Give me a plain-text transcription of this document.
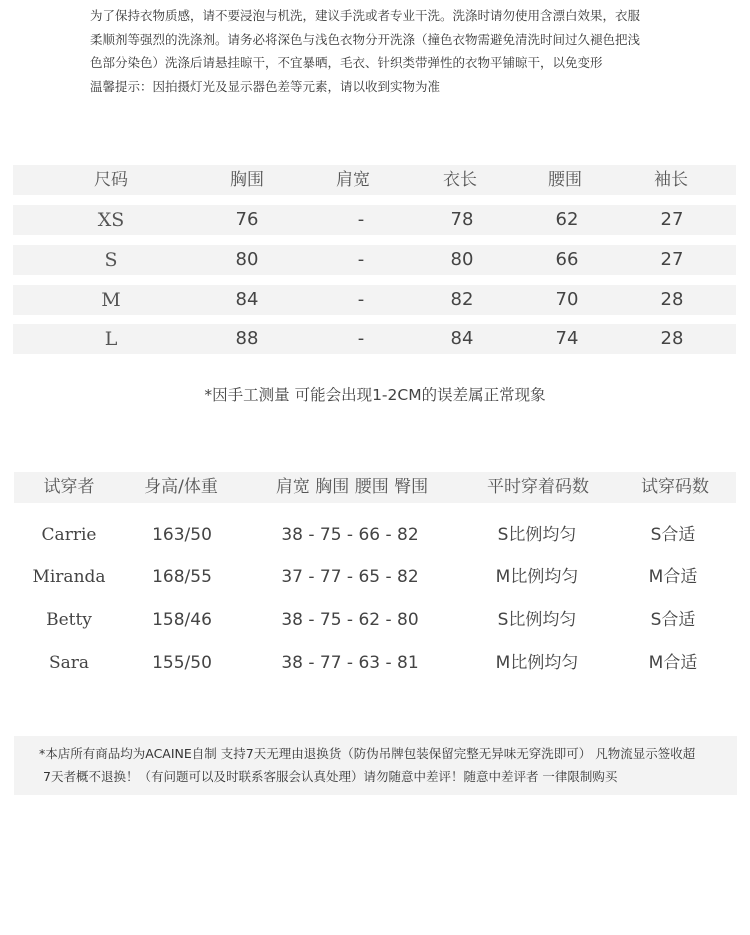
为了保持衣物质感，请不要浸泡与机洗，建议手洗或者专业干洗。洗涤时请勿使用含漂白效果，衣服

柔顺剂等强烈的洗涤剂。请务必将深色与浅色衣物分开洗涤（撞色衣物需避免清洗时间过久褪色把浅

色部分染色）洗涤后请悬挂晾干，不宜暴晒，毛衣、针织类带弹性的衣物平铺晾干，以免变形

温馨提示：因拍摄灯光及显示器色差等元素，请以收到实物为准

尺码	胸围	肩宽	衣长	腰围	袖长
XS	76	-	78	62	27
S	80	-	80	66	27
M	84	-	82	70	28
L	88	-	84	74	28
*因手工测量 可能会出现1-2CM的误差属正常现象
试穿者	身高/体重	肩宽 胸围 腰围 臀围	平时穿着码数	试穿码数
Carrie	163/50	38 - 75 - 66 - 82	S比例均匀	S合适
Miranda	168/55	37 - 77 - 65 - 82	M比例均匀	M合适
Betty	158/46	38 - 75 - 62 - 80	S比例均匀	S合适
Sara	155/50	38 - 77 - 63 - 81	M比例均匀	M合适

*本店所有商品均为ACAINE自制 支持7天无理由退换货（防伪吊牌包装保留完整无异味无穿洗即可） 凡物流显示签收超

7天者概不退换！（有问题可以及时联系客服会认真处理）请勿随意中差评！随意中差评者 一律限制购买
